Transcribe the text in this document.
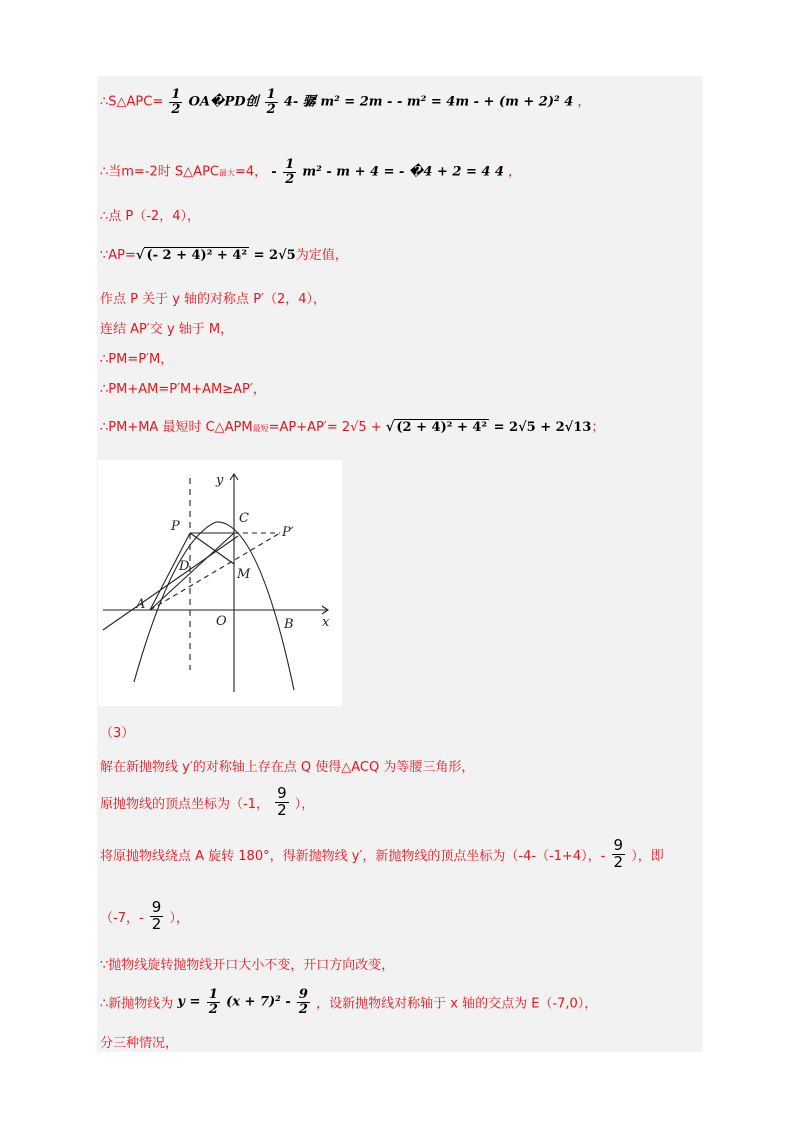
∴S△APC= $\frac{1}{2}$ OA�PD创 $\frac{1}{2} 4-$ 骣 m² = 2m - - m² = 4m - + (m + 2)² 4 ，
∴当m=-2时 S△APC最大=4， - $\frac{1}{2} m^2 - m + 4$ = - �4 + 2 = 4 4 ，
∴点 P（-2，4），
∵AP=√ (- 2 + 4)² + 4² = 2√5为定值，
作点 P 关于 y 轴的对称点 P′（2，4），
连结 AP′交 y 轴于 M，
∴PM=P′M，
∴PM+AM=P′M+AM≥AP′，
∴PM+MA 最短时 C△APM最短=AP+AP′= 2√5 + √ (2 + 4)² + 4² = 2√5 + 2√13；
y
x
P
C
P′
D
M
A
O	B
（3）
解在新抛物线 y′的对称轴上存在点 Q 使得△ACQ 为等腰三角形，
原抛物线的顶点坐标为（-1， $\frac{9}{2}$ ），
将原抛物线绕点 A 旋转 180°，得新抛物线 y′，新抛物线的顶点坐标为（-4-（-1+4），- $\frac{9}{2}$ ），即
（-7，- $\frac{9}{2}$ ），
∵抛物线旋转抛物线开口大小不变，开口方向改变，
∴新抛物线为 $y = \frac{1}{2} (x + 7)^2 - \frac{9}{2}$ ，设新抛物线对称轴于 x 轴的交点为 E（-7,0），
分三种情况，
